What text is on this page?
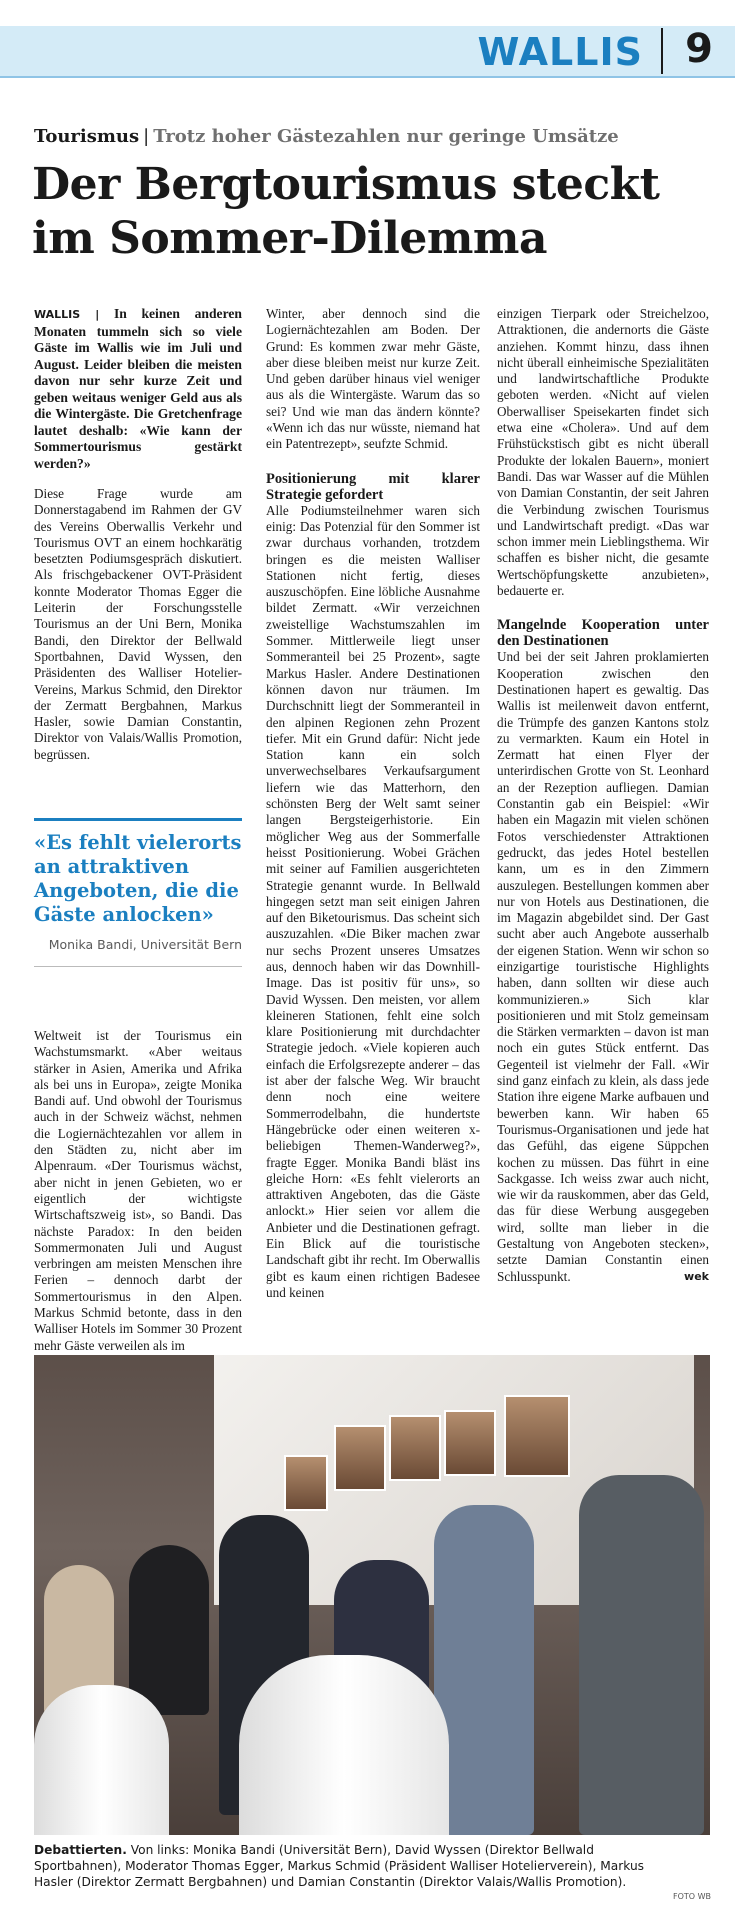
WALLIS 9
Tourismus | Trotz hoher Gästezahlen nur geringe Umsätze
Der Bergtourismus steckt im Sommer-Dilemma

WALLIS | In keinen anderen Monaten tummeln sich so viele Gäste im Wallis wie im Juli und August. Leider bleiben die meisten davon nur sehr kurze Zeit und geben weitaus weniger Geld aus als die Wintergäste. Die Gretchenfrage lautet deshalb: «Wie kann der Sommertourismus gestärkt werden?»

Diese Frage wurde am Donnerstagabend im Rahmen der GV des Vereins Oberwallis Verkehr und Tourismus OVT an einem hochkarätig besetzten Podiumsgespräch diskutiert. Als frischgebackener OVT-Präsident konnte Moderator Thomas Egger die Leiterin der Forschungsstelle Tourismus an der Uni Bern, Monika Bandi, den Direktor der Bellwald Sportbahnen, David Wyssen, den Präsidenten des Walliser Hotelier-Vereins, Markus Schmid, den Direktor der Zermatt Bergbahnen, Markus Hasler, sowie Damian Constantin, Direktor von Valais/Wallis Promotion, begrüssen.

«Es fehlt vielerorts an attraktiven Angeboten, die die Gäste anlocken»
Monika Bandi, Universität Bern

Weltweit ist der Tourismus ein Wachstumsmarkt. «Aber weitaus stärker in Asien, Amerika und Afrika als bei uns in Europa», zeigte Monika Bandi auf. Und obwohl der Tourismus auch in der Schweiz wächst, nehmen die Logiernächtezahlen vor allem in den Städten zu, nicht aber im Alpenraum. «Der Tourismus wächst, aber nicht in jenen Gebieten, wo er eigentlich der wichtigste Wirtschaftszweig ist», so Bandi. Das nächste Paradox: In den beiden Sommermonaten Juli und August verbringen am meisten Menschen ihre Ferien – dennoch darbt der Sommertourismus in den Alpen. Markus Schmid betonte, dass in den Walliser Hotels im Sommer 30 Prozent mehr Gäste verweilen als im

Winter, aber dennoch sind die Logiernächtezahlen am Boden. Der Grund: Es kommen zwar mehr Gäste, aber diese bleiben meist nur kurze Zeit. Und geben darüber hinaus viel weniger aus als die Wintergäste. Warum das so sei? Und wie man das ändern könnte? «Wenn ich das nur wüsste, niemand hat ein Patentrezept», seufzte Schmid.

Positionierung mit klarer Strategie gefordert

Alle Podiumsteilnehmer waren sich einig: Das Potenzial für den Sommer ist zwar durchaus vorhanden, trotzdem bringen es die meisten Walliser Stationen nicht fertig, dieses auszuschöpfen. Eine löbliche Ausnahme bildet Zermatt. «Wir verzeichnen zweistellige Wachstumszahlen im Sommer. Mittlerweile liegt unser Sommeranteil bei 25 Prozent», sagte Markus Hasler. Andere Destinationen können davon nur träumen. Im Durchschnitt liegt der Sommeranteil in den alpinen Regionen zehn Prozent tiefer. Mit ein Grund dafür: Nicht jede Station kann ein solch unverwechselbares Verkaufsargument liefern wie das Matterhorn, den schönsten Berg der Welt samt seiner langen Bergsteigerhistorie. Ein möglicher Weg aus der Sommerfalle heisst Positionierung. Wobei Grächen mit seiner auf Familien ausgerichteten Strategie genannt wurde. In Bellwald hingegen setzt man seit einigen Jahren auf den Biketourismus. Das scheint sich auszuzahlen. «Die Biker machen zwar nur sechs Prozent unseres Umsatzes aus, dennoch haben wir das Downhill-Image. Das ist positiv für uns», so David Wyssen. Den meisten, vor allem kleineren Stationen, fehlt eine solch klare Positionierung mit durchdachter Strategie jedoch. «Viele kopieren auch einfach die Erfolgsrezepte anderer – das ist aber der falsche Weg. Wir braucht denn noch eine weitere Sommerrodelbahn, die hundertste Hängebrücke oder einen weiteren x-beliebigen Themen-Wanderweg?», fragte Egger. Monika Bandi bläst ins gleiche Horn: «Es fehlt vielerorts an attraktiven Angeboten, das die Gäste anlockt.» Hier seien vor allem die Anbieter und die Destinationen gefragt. Ein Blick auf die touristische Landschaft gibt ihr recht. Im Oberwallis gibt es kaum einen richtigen Badesee und keinen

einzigen Tierpark oder Streichelzoo, Attraktionen, die andernorts die Gäste anziehen. Kommt hinzu, dass ihnen nicht überall einheimische Spezialitäten und landwirtschaftliche Produkte geboten werden. «Nicht auf vielen Oberwalliser Speisekarten findet sich etwa eine «Cholera». Und auf dem Frühstückstisch gibt es nicht überall Produkte der lokalen Bauern», moniert Bandi. Das war Wasser auf die Mühlen von Damian Constantin, der seit Jahren die Verbindung zwischen Tourismus und Landwirtschaft predigt. «Das war schon immer mein Lieblingsthema. Wir schaffen es bisher nicht, die gesamte Wertschöpfungskette anzubieten», bedauerte er.

Mangelnde Kooperation unter den Destinationen

Und bei der seit Jahren proklamierten Kooperation zwischen den Destinationen hapert es gewaltig. Das Wallis ist meilenweit davon entfernt, die Trümpfe des ganzen Kantons stolz zu vermarkten. Kaum ein Hotel in Zermatt hat einen Flyer der unterirdischen Grotte von St. Leonhard an der Rezeption aufliegen. Damian Constantin gab ein Beispiel: «Wir haben ein Magazin mit vielen schönen Fotos verschiedenster Attraktionen gedruckt, das jedes Hotel bestellen kann, um es in den Zimmern auszulegen. Bestellungen kommen aber nur von Hotels aus Destinationen, die im Magazin abgebildet sind. Der Gast sucht aber auch Angebote ausserhalb der eigenen Station. Wenn wir schon so einzigartige touristische Highlights haben, dann sollten wir diese auch kommunizieren.» Sich klar positionieren und mit Stolz gemeinsam die Stärken vermarkten – davon ist man noch ein gutes Stück entfernt. Das Gegenteil ist vielmehr der Fall. «Wir sind ganz einfach zu klein, als dass jede Station ihre eigene Marke aufbauen und bewerben kann. Wir haben 65 Tourismus-Organisationen und jede hat das Gefühl, das eigene Süppchen kochen zu müssen. Das führt in eine Sackgasse. Ich weiss zwar auch nicht, wie wir da rauskommen, aber das Geld, das für diese Werbung ausgegeben wird, sollte man lieber in die Gestaltung von Angeboten stecken», setzte Damian Constantin einen Schlusspunkt.	wek

Debattierten. Von links: Monika Bandi (Universität Bern), David Wyssen (Direktor Bellwald Sportbahnen), Moderator Thomas Egger, Markus Schmid (Präsident Walliser Hotelierverein), Markus Hasler (Direktor Zermatt Bergbahnen) und Damian Constantin (Direktor Valais/Wallis Promotion).
FOTO WB
